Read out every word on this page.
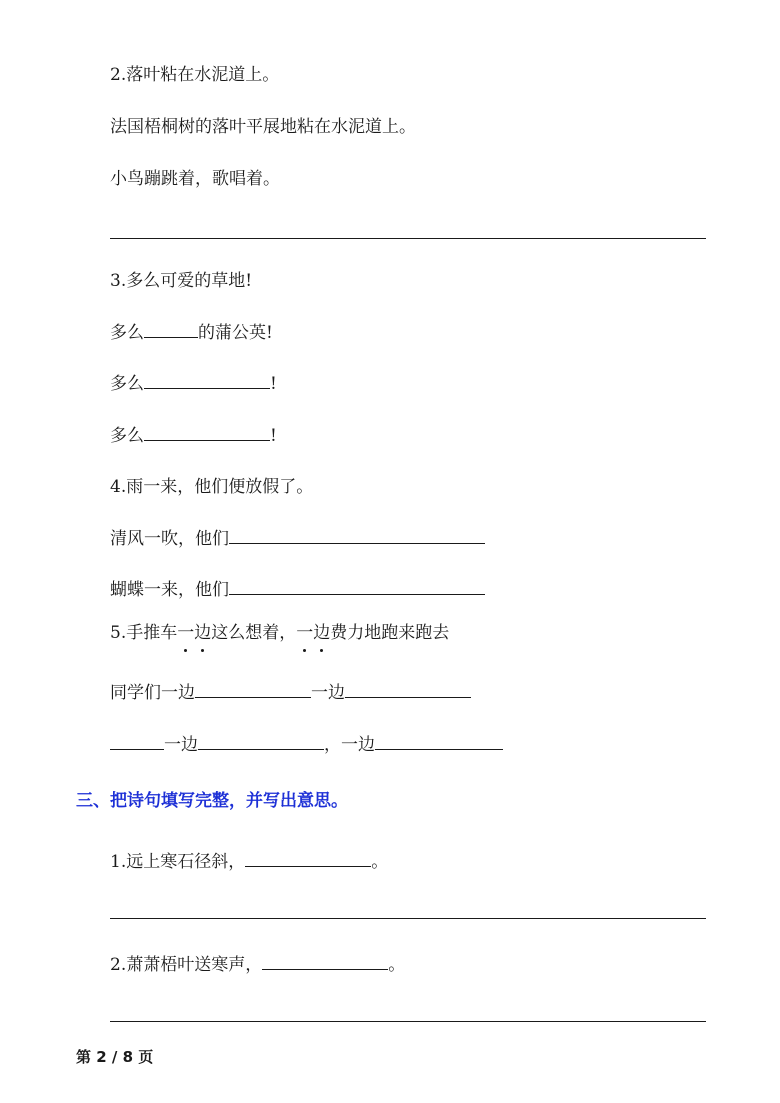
2.落叶粘在水泥道上。
法国梧桐树的落叶平展地粘在水泥道上。
小鸟蹦跳着，歌唱着。
3.多么可爱的草地!
多么	的蒲公英!
多么	!
多么	!
4.雨一来，他们便放假了。
清风一吹，他们
蝴蝶一来，他们
5.手推车一边这么想着，一边费力地跑来跑去
同学们一边	一边
一边	，一边
三、把诗句填写完整，并写出意思。
1.远上寒石径斜，	。
2.萧萧梧叶送寒声，	。
第 2 / 8 页
